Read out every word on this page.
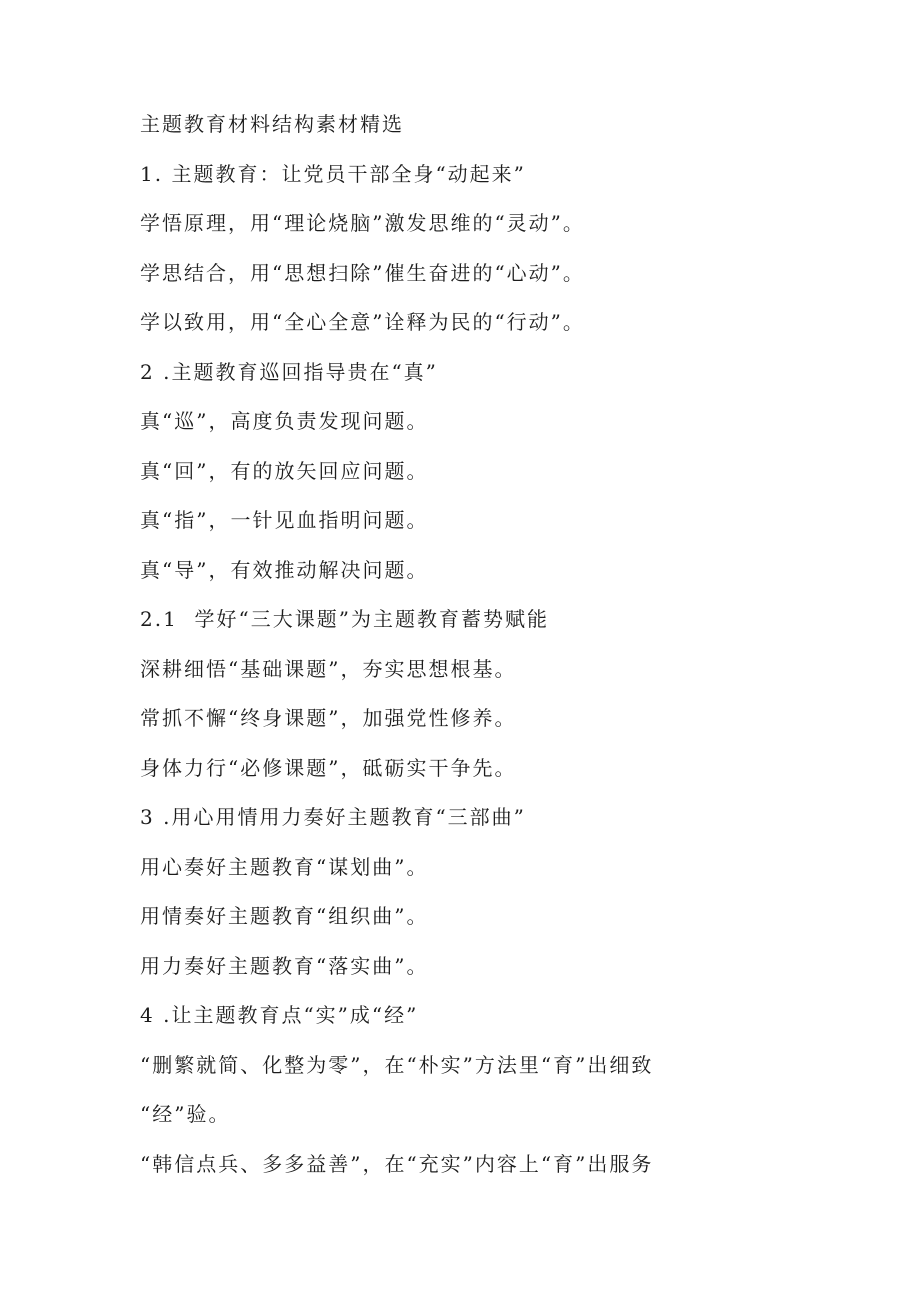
主题教育材料结构素材精选
1. 主题教育：让党员干部全身“动起来”
学悟原理，用“理论烧脑”激发思维的“灵动”。
学思结合，用“思想扫除”催生奋进的“心动”。
学以致用，用“全心全意”诠释为民的“行动”。
2 .主题教育巡回指导贵在“真”
真“巡”，高度负责发现问题。
真“回”，有的放矢回应问题。
真“指”，一针见血指明问题。
真“导”，有效推动解决问题。
2.1  学好“三大课题”为主题教育蓄势赋能
深耕细悟“基础课题”，夯实思想根基。
常抓不懈“终身课题”，加强党性修养。
身体力行“必修课题”，砥砺实干争先。
3 .用心用情用力奏好主题教育“三部曲”
用心奏好主题教育“谋划曲”。
用情奏好主题教育“组织曲”。
用力奏好主题教育“落实曲”。
4 .让主题教育点“实”成“经”
“删繁就简、化整为零”，在“朴实”方法里“育”出细致
“经”验。
“韩信点兵、多多益善”，在“充实”内容上“育”出服务
